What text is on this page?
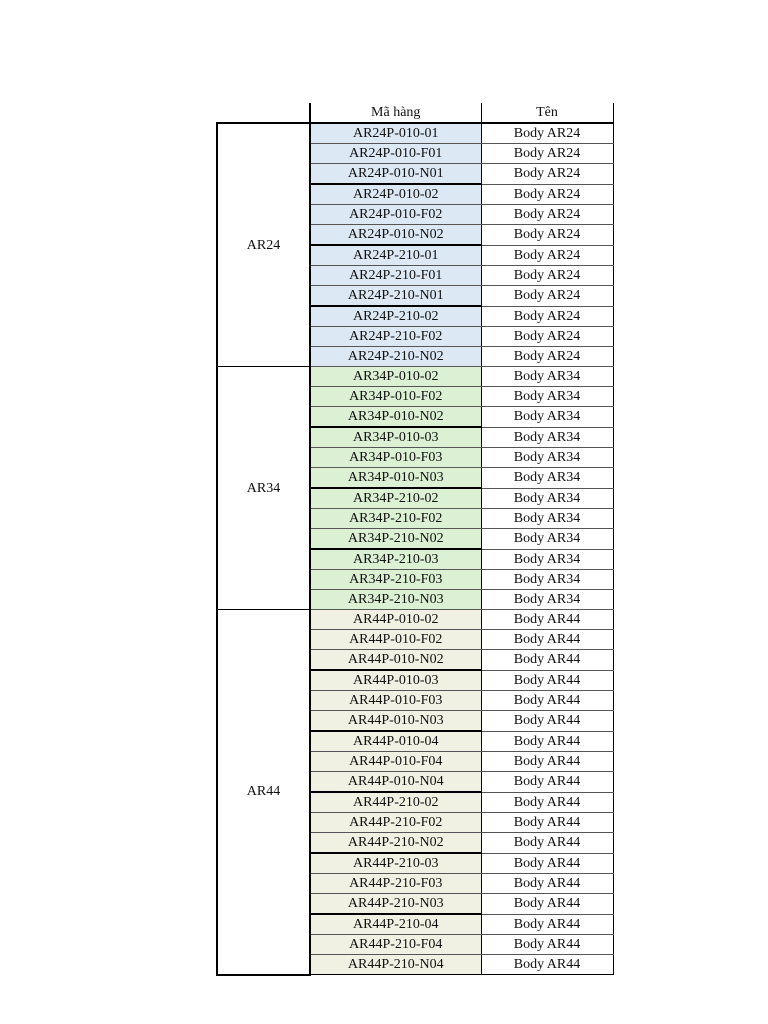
	Mã hàng	Tên
AR24	AR24P-010-01	Body AR24
	AR24P-010-F01	Body AR24
	AR24P-010-N01	Body AR24
	AR24P-010-02	Body AR24
	AR24P-010-F02	Body AR24
	AR24P-010-N02	Body AR24
	AR24P-210-01	Body AR24
	AR24P-210-F01	Body AR24
	AR24P-210-N01	Body AR24
	AR24P-210-02	Body AR24
	AR24P-210-F02	Body AR24
	AR24P-210-N02	Body AR24
AR34	AR34P-010-02	Body AR34
	AR34P-010-F02	Body AR34
	AR34P-010-N02	Body AR34
	AR34P-010-03	Body AR34
	AR34P-010-F03	Body AR34
	AR34P-010-N03	Body AR34
	AR34P-210-02	Body AR34
	AR34P-210-F02	Body AR34
	AR34P-210-N02	Body AR34
	AR34P-210-03	Body AR34
	AR34P-210-F03	Body AR34
	AR34P-210-N03	Body AR34
AR44	AR44P-010-02	Body AR44
	AR44P-010-F02	Body AR44
	AR44P-010-N02	Body AR44
	AR44P-010-03	Body AR44
	AR44P-010-F03	Body AR44
	AR44P-010-N03	Body AR44
	AR44P-010-04	Body AR44
	AR44P-010-F04	Body AR44
	AR44P-010-N04	Body AR44
	AR44P-210-02	Body AR44
	AR44P-210-F02	Body AR44
	AR44P-210-N02	Body AR44
	AR44P-210-03	Body AR44
	AR44P-210-F03	Body AR44
	AR44P-210-N03	Body AR44
	AR44P-210-04	Body AR44
	AR44P-210-F04	Body AR44
	AR44P-210-N04	Body AR44
